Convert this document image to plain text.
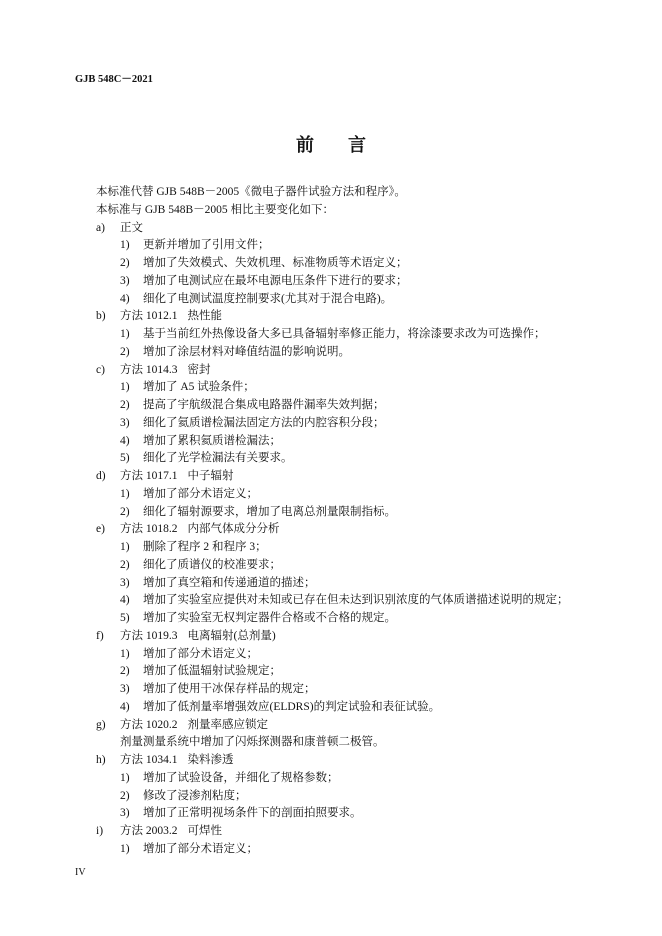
GJB 548C－2021
前　言
本标准代替 GJB 548B－2005《微电子器件试验方法和程序》。
本标准与 GJB 548B－2005 相比主要变化如下：
a)	正文
1)	更新并增加了引用文件；
2)	增加了失效模式、失效机理、标准物质等术语定义；
3)	增加了电测试应在最坏电源电压条件下进行的要求；
4)	细化了电测试温度控制要求(尤其对于混合电路)。
b)	方法 1012.1 热性能
1)	基于当前红外热像设备大多已具备辐射率修正能力，将涂漆要求改为可选操作；
2)	增加了涂层材料对峰值结温的影响说明。
c)	方法 1014.3 密封
1)	增加了 A5 试验条件；
2)	提高了宇航级混合集成电路器件漏率失效判据；
3)	细化了氦质谱检漏法固定方法的内腔容积分段；
4)	增加了累积氦质谱检漏法；
5)	细化了光学检漏法有关要求。
d)	方法 1017.1 中子辐射
1)	增加了部分术语定义；
2)	细化了辐射源要求，增加了电离总剂量限制指标。
e)	方法 1018.2 内部气体成分分析
1)	删除了程序 2 和程序 3；
2)	细化了质谱仪的校准要求；
3)	增加了真空箱和传递通道的描述；
4)	增加了实验室应提供对未知或已存在但未达到识别浓度的气体质谱描述说明的规定；
5)	增加了实验室无权判定器件合格或不合格的规定。
f)	方法 1019.3 电离辐射(总剂量)
1)	增加了部分术语定义；
2)	增加了低温辐射试验规定；
3)	增加了使用干冰保存样品的规定；
4)	增加了低剂量率增强效应(ELDRS)的判定试验和表征试验。
g)	方法 1020.2 剂量率感应锁定
剂量测量系统中增加了闪烁探测器和康普顿二极管。
h)	方法 1034.1 染料渗透
1)	增加了试验设备，并细化了规格参数；
2)	修改了浸渗剂粘度；
3)	增加了正常明视场条件下的剖面拍照要求。
i)	方法 2003.2 可焊性
1)	增加了部分术语定义；
IV
